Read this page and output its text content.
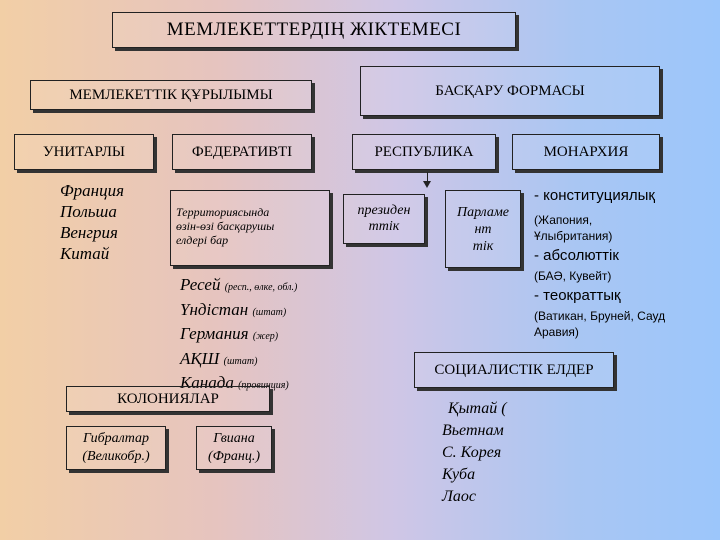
МЕМЛЕКЕТТЕРДІҢ ЖІКТЕМЕСІ
МЕМЛЕКЕТТІК ҚҰРЫЛЫМЫ	БАСҚАРУ ФОРМАСЫ
УНИТАРЛЫ	ФЕДЕРАТИВТІ	РЕСПУБЛИКА	МОНАРХИЯ
Франция
Польша
Венгрия
Китай
Территориясында
өзін-өзі басқарушы
елдері бар
Ресей (респ., өлке, обл.)
Үндістан (штат)
Германия (жер)
АҚШ (штат)
Канада (провинция)
КОЛОНИЯЛАР
Гибралтар
(Великобр.)
Гвиана
(Франц.)
президен
ттік
Парламе
нт
тік
- конституциялық
(Жапония,
Ұлыбритания)
- абсолюттік
(БАӘ, Кувейт)
- теократтық
(Ватикан, Бруней, Сауд
Аравия)
СОЦИАЛИСТІК ЕЛДЕР
Қытай (
Вьетнам
С. Корея
Куба
Лаос
